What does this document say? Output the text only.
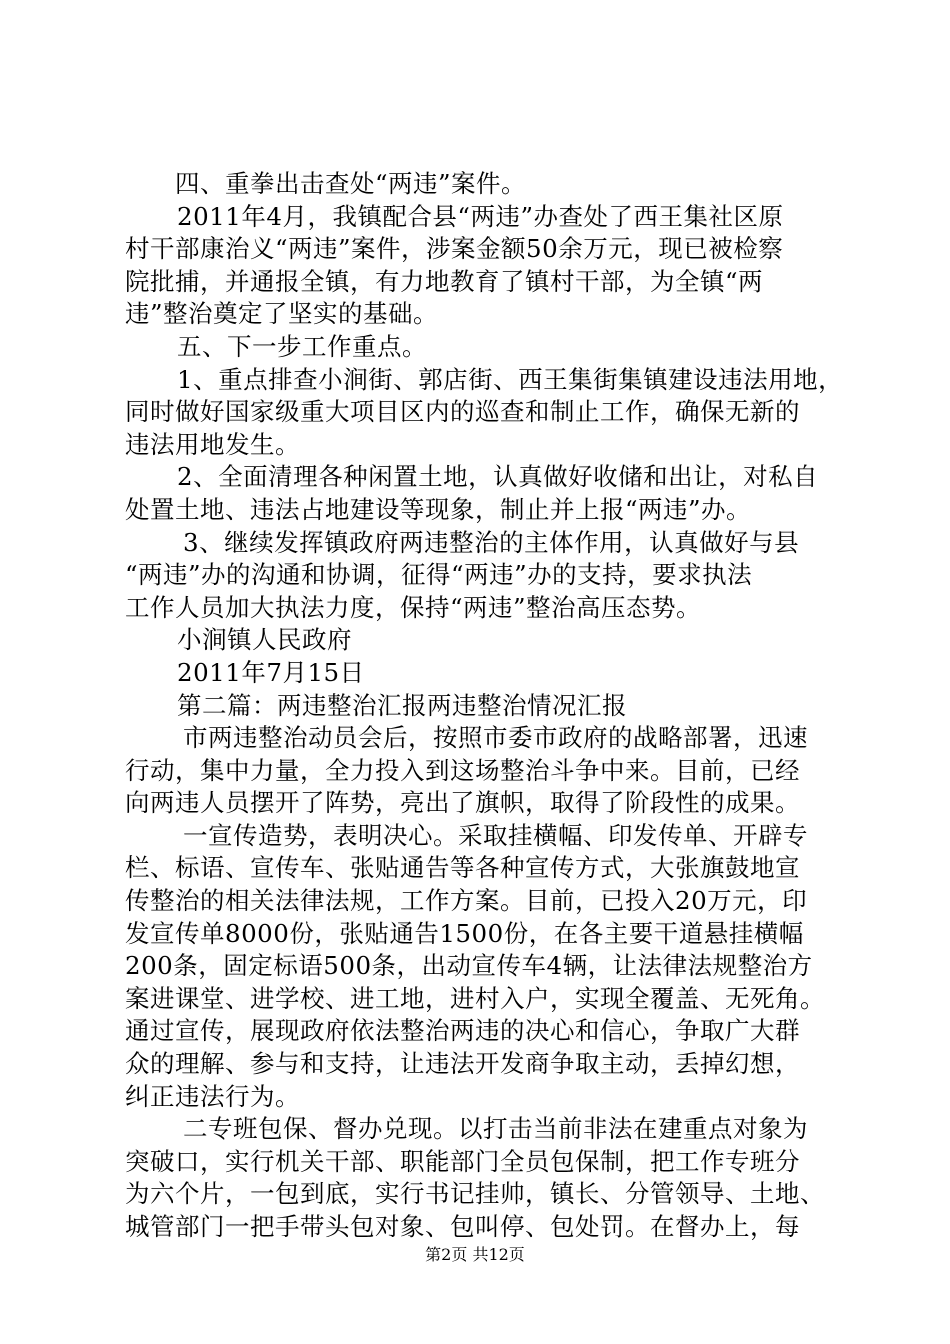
四、重拳出击查处“两违”案件。
2011年4月，我镇配合县“两违”办查处了西王集社区原
村干部康治义“两违”案件，涉案金额50余万元，现已被检察
院批捕，并通报全镇，有力地教育了镇村干部，为全镇“两
违”整治奠定了坚实的基础。
五、下一步工作重点。
1、重点排查小涧街、郭店街、西王集街集镇建设违法用地，
同时做好国家级重大项目区内的巡查和制止工作，确保无新的
违法用地发生。
2、全面清理各种闲置土地，认真做好收储和出让，对私自
处置土地、违法占地建设等现象，制止并上报“两违”办。
3、继续发挥镇政府两违整治的主体作用，认真做好与县
“两违”办的沟通和协调，征得“两违”办的支持，要求执法
工作人员加大执法力度，保持“两违”整治高压态势。
小涧镇人民政府
2011年7月15日
第二篇：两违整治汇报两违整治情况汇报
市两违整治动员会后，按照市委市政府的战略部署，迅速
行动，集中力量，全力投入到这场整治斗争中来。目前，已经
向两违人员摆开了阵势，亮出了旗帜，取得了阶段性的成果。
一宣传造势，表明决心。采取挂横幅、印发传单、开辟专
栏、标语、宣传车、张贴通告等各种宣传方式，大张旗鼓地宣
传整治的相关法律法规，工作方案。目前，已投入20万元，印
发宣传单8000份，张贴通告1500份，在各主要干道悬挂横幅
200条，固定标语500条，出动宣传车4辆，让法律法规整治方
案进课堂、进学校、进工地，进村入户，实现全覆盖、无死角。
通过宣传，展现政府依法整治两违的决心和信心，争取广大群
众的理解、参与和支持，让违法开发商争取主动，丢掉幻想，
纠正违法行为。
二专班包保、督办兑现。以打击当前非法在建重点对象为
突破口，实行机关干部、职能部门全员包保制，把工作专班分
为六个片，一包到底，实行书记挂帅，镇长、分管领导、土地、
城管部门一把手带头包对象、包叫停、包处罚。在督办上，每
第2页 共12页
